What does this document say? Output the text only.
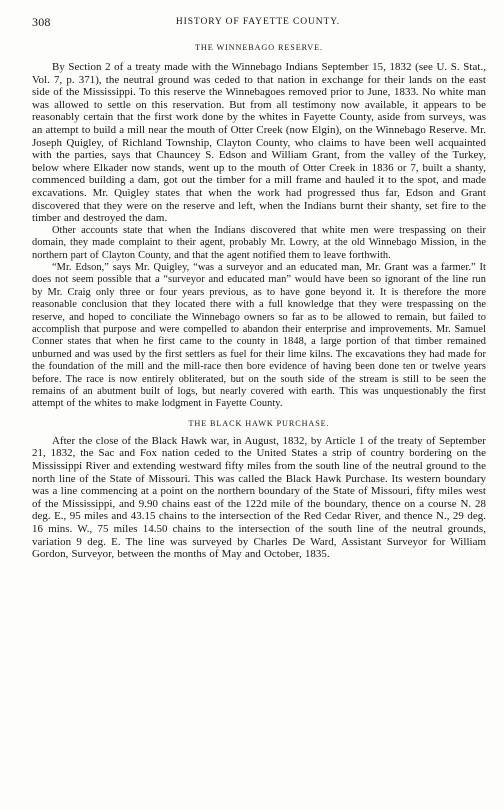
308	HISTORY OF FAYETTE COUNTY.
THE WINNEBAGO RESERVE.

By Section 2 of a treaty made with the Winnebago Indians September 15, 1832 (see U. S. Stat., Vol. 7, p. 371), the neutral ground was ceded to that nation in exchange for their lands on the east side of the Mississippi. To this reserve the Winnebagoes removed prior to June, 1833. No white man was allowed to settle on this reservation. But from all testimony now available, it appears to be reasonably certain that the first work done by the whites in Fayette County, aside from surveys, was an attempt to build a mill near the mouth of Otter Creek (now Elgin), on the Winnebago Reserve. Mr. Joseph Quigley, of Richland Township, Clayton County, who claims to have been well acquainted with the parties, says that Chauncey S. Edson and William Grant, from the valley of the Turkey, below where Elkader now stands, went up to the mouth of Otter Creek in 1836 or 7, built a shanty, commenced building a dam, got out the timber for a mill frame and hauled it to the spot, and made excavations. Mr. Quigley states that when the work had progressed thus far, Edson and Grant discovered that they were on the reserve and left, when the Indians burnt their shanty, set fire to the timber and destroyed the dam.

Other accounts state that when the Indians discovered that white men were trespassing on their domain, they made complaint to their agent, probably Mr. Lowry, at the old Winnebago Mission, in the northern part of Clayton County, and that the agent notified them to leave forthwith.

“Mr. Edson,” says Mr. Quigley, “was a surveyor and an educated man, Mr. Grant was a farmer.” It does not seem possible that a “surveyor and educated man” would have been so ignorant of the line run by Mr. Craig only three or four years previous, as to have gone beyond it. It is therefore the more reasonable conclusion that they located there with a full knowledge that they were trespassing on the reserve, and hoped to conciliate the Winnebago owners so far as to be allowed to remain, but failed to accomplish that purpose and were compelled to abandon their enterprise and improvements. Mr. Samuel Conner states that when he first came to the county in 1848, a large portion of that timber remained unburned and was used by the first settlers as fuel for their lime kilns. The excavations they had made for the foundation of the mill and the mill-race then bore evidence of having been done ten or twelve years before. The race is now entirely obliterated, but on the south side of the stream is still to be seen the remains of an abutment built of logs, but nearly covered with earth. This was unquestionably the first attempt of the whites to make lodgment in Fayette County.

THE BLACK HAWK PURCHASE.

After the close of the Black Hawk war, in August, 1832, by Article 1 of the treaty of September 21, 1832, the Sac and Fox nation ceded to the United States a strip of country bordering on the Mississippi River and extending westward fifty miles from the south line of the neutral ground to the north line of the State of Missouri. This was called the Black Hawk Purchase. Its western boundary was a line commencing at a point on the northern boundary of the State of Missouri, fifty miles west of the Mississippi, and 9.90 chains east of the 122d mile of the boundary, thence on a course N. 28 deg. E., 95 miles and 43.15 chains to the intersection of the Red Cedar River, and thence N., 29 deg. 16 mins. W., 75 miles 14.50 chains to the intersection of the south line of the neutral grounds, variation 9 deg. E. The line was surveyed by Charles De Ward, Assistant Surveyor for William Gordon, Surveyor, between the months of May and October, 1835.
